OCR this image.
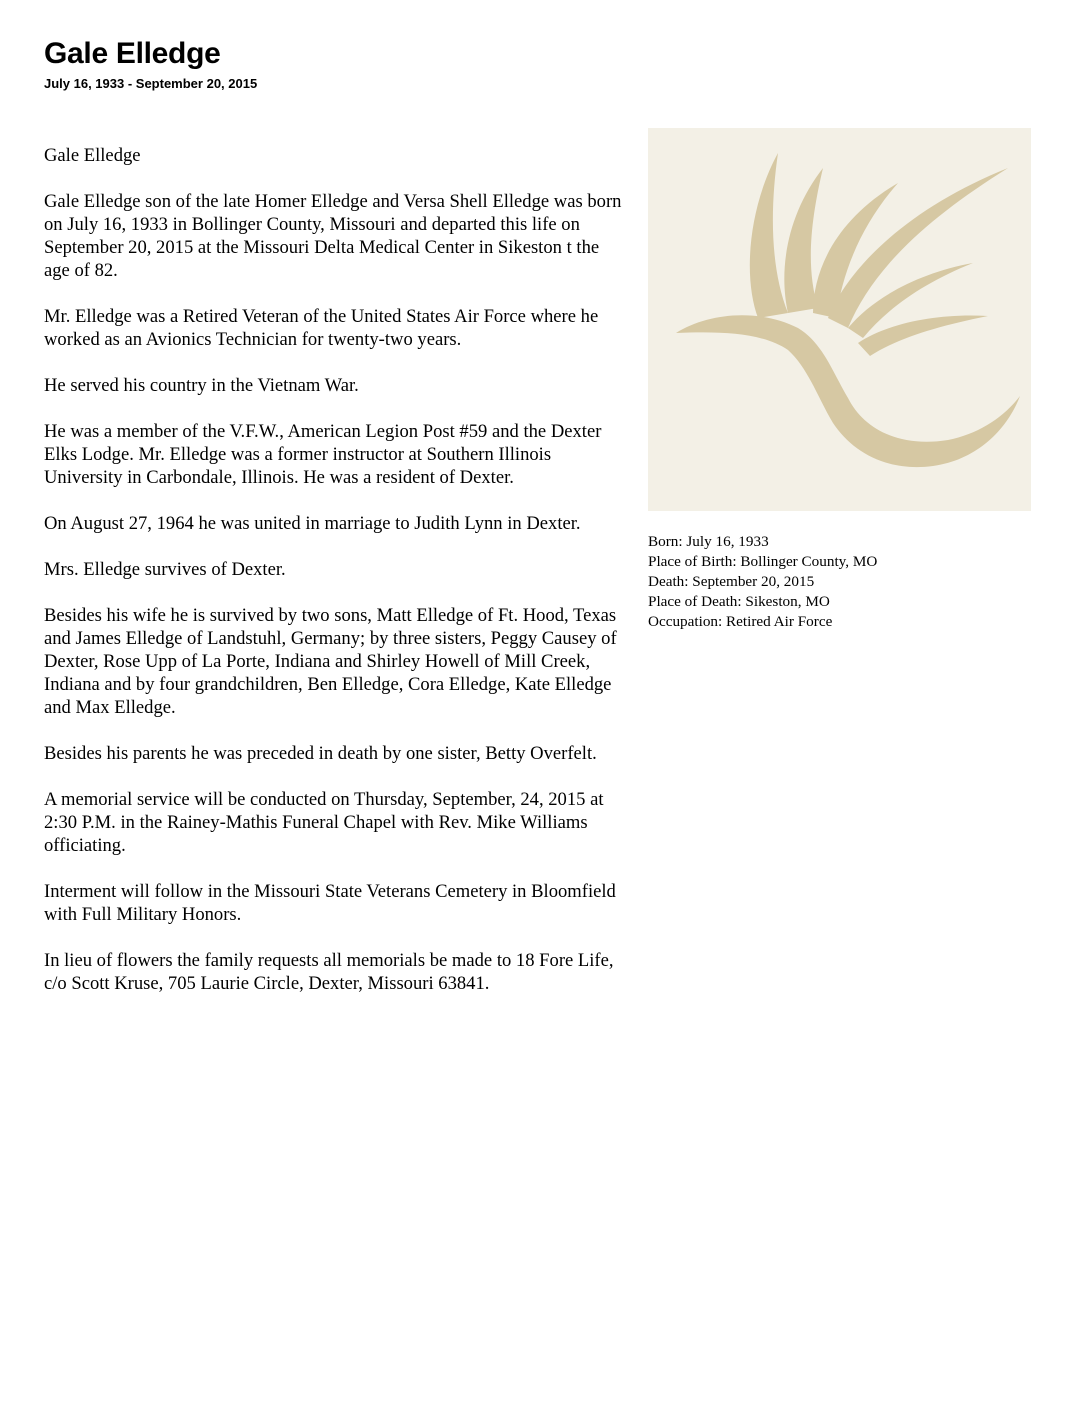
Gale Elledge
July 16, 1933 - September 20, 2015

Gale Elledge

Gale Elledge son of the late Homer Elledge and Versa Shell Elledge was born on July 16, 1933 in Bollinger County, Missouri and departed this life on September 20, 2015 at the Missouri Delta Medical Center in Sikeston t the age of 82.

Mr. Elledge was a Retired Veteran of the United States Air Force where he worked as an Avionics Technician for twenty-two years.

He served his country in the Vietnam War.

He was a member of the V.F.W., American Legion Post #59 and the Dexter Elks Lodge. Mr. Elledge was a former instructor at Southern Illinois University in Carbondale, Illinois. He was a resident of Dexter.

On August 27, 1964 he was united in marriage to Judith Lynn in Dexter.

Mrs. Elledge survives of Dexter.

Besides his wife he is survived by two sons, Matt Elledge of Ft. Hood, Texas and James Elledge of Landstuhl, Germany; by three sisters, Peggy Causey of Dexter, Rose Upp of La Porte, Indiana and Shirley Howell of Mill Creek, Indiana and by four grandchildren, Ben Elledge, Cora Elledge, Kate Elledge and Max Elledge.

Besides his parents he was preceded in death by one sister, Betty Overfelt.

A memorial service will be conducted on Thursday, September, 24, 2015 at 2:30 P.M. in the Rainey-Mathis Funeral Chapel with Rev. Mike Williams officiating.

Interment will follow in the Missouri State Veterans Cemetery in Bloomfield with Full Military Honors.

In lieu of flowers the family requests all memorials be made to 18 Fore Life, c/o Scott Kruse, 705 Laurie Circle, Dexter, Missouri 63841.

Born: July 16, 1933
Place of Birth: Bollinger County, MO
Death: September 20, 2015
Place of Death: Sikeston, MO
Occupation: Retired Air Force
